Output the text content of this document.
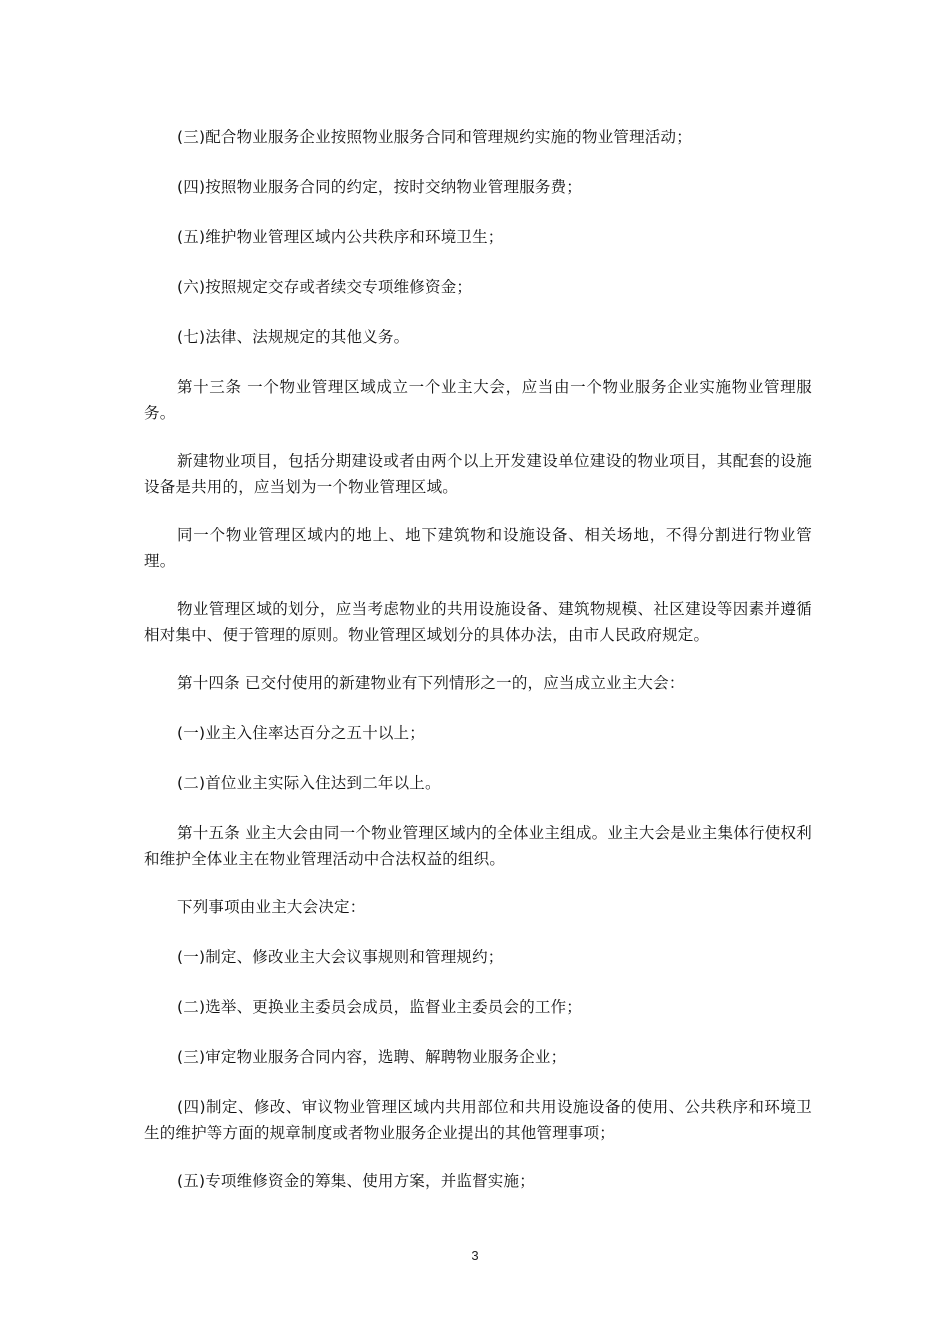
(三)配合物业服务企业按照物业服务合同和管理规约实施的物业管理活动；

(四)按照物业服务合同的约定，按时交纳物业管理服务费；

(五)维护物业管理区域内公共秩序和环境卫生；

(六)按照规定交存或者续交专项维修资金；

(七)法律、法规规定的其他义务。

第十三条 一个物业管理区域成立一个业主大会，应当由一个物业服务企业实施物业管理服务。

新建物业项目，包括分期建设或者由两个以上开发建设单位建设的物业项目，其配套的设施设备是共用的，应当划为一个物业管理区域。

同一个物业管理区域内的地上、地下建筑物和设施设备、相关场地，不得分割进行物业管理。

物业管理区域的划分，应当考虑物业的共用设施设备、建筑物规模、社区建设等因素并遵循相对集中、便于管理的原则。物业管理区域划分的具体办法，由市人民政府规定。

第十四条 已交付使用的新建物业有下列情形之一的，应当成立业主大会：

(一)业主入住率达百分之五十以上；

(二)首位业主实际入住达到二年以上。

第十五条 业主大会由同一个物业管理区域内的全体业主组成。业主大会是业主集体行使权利和维护全体业主在物业管理活动中合法权益的组织。

下列事项由业主大会决定：

(一)制定、修改业主大会议事规则和管理规约；

(二)选举、更换业主委员会成员，监督业主委员会的工作；

(三)审定物业服务合同内容，选聘、解聘物业服务企业；

(四)制定、修改、审议物业管理区域内共用部位和共用设施设备的使用、公共秩序和环境卫生的维护等方面的规章制度或者物业服务企业提出的其他管理事项；

(五)专项维修资金的筹集、使用方案，并监督实施；

3
